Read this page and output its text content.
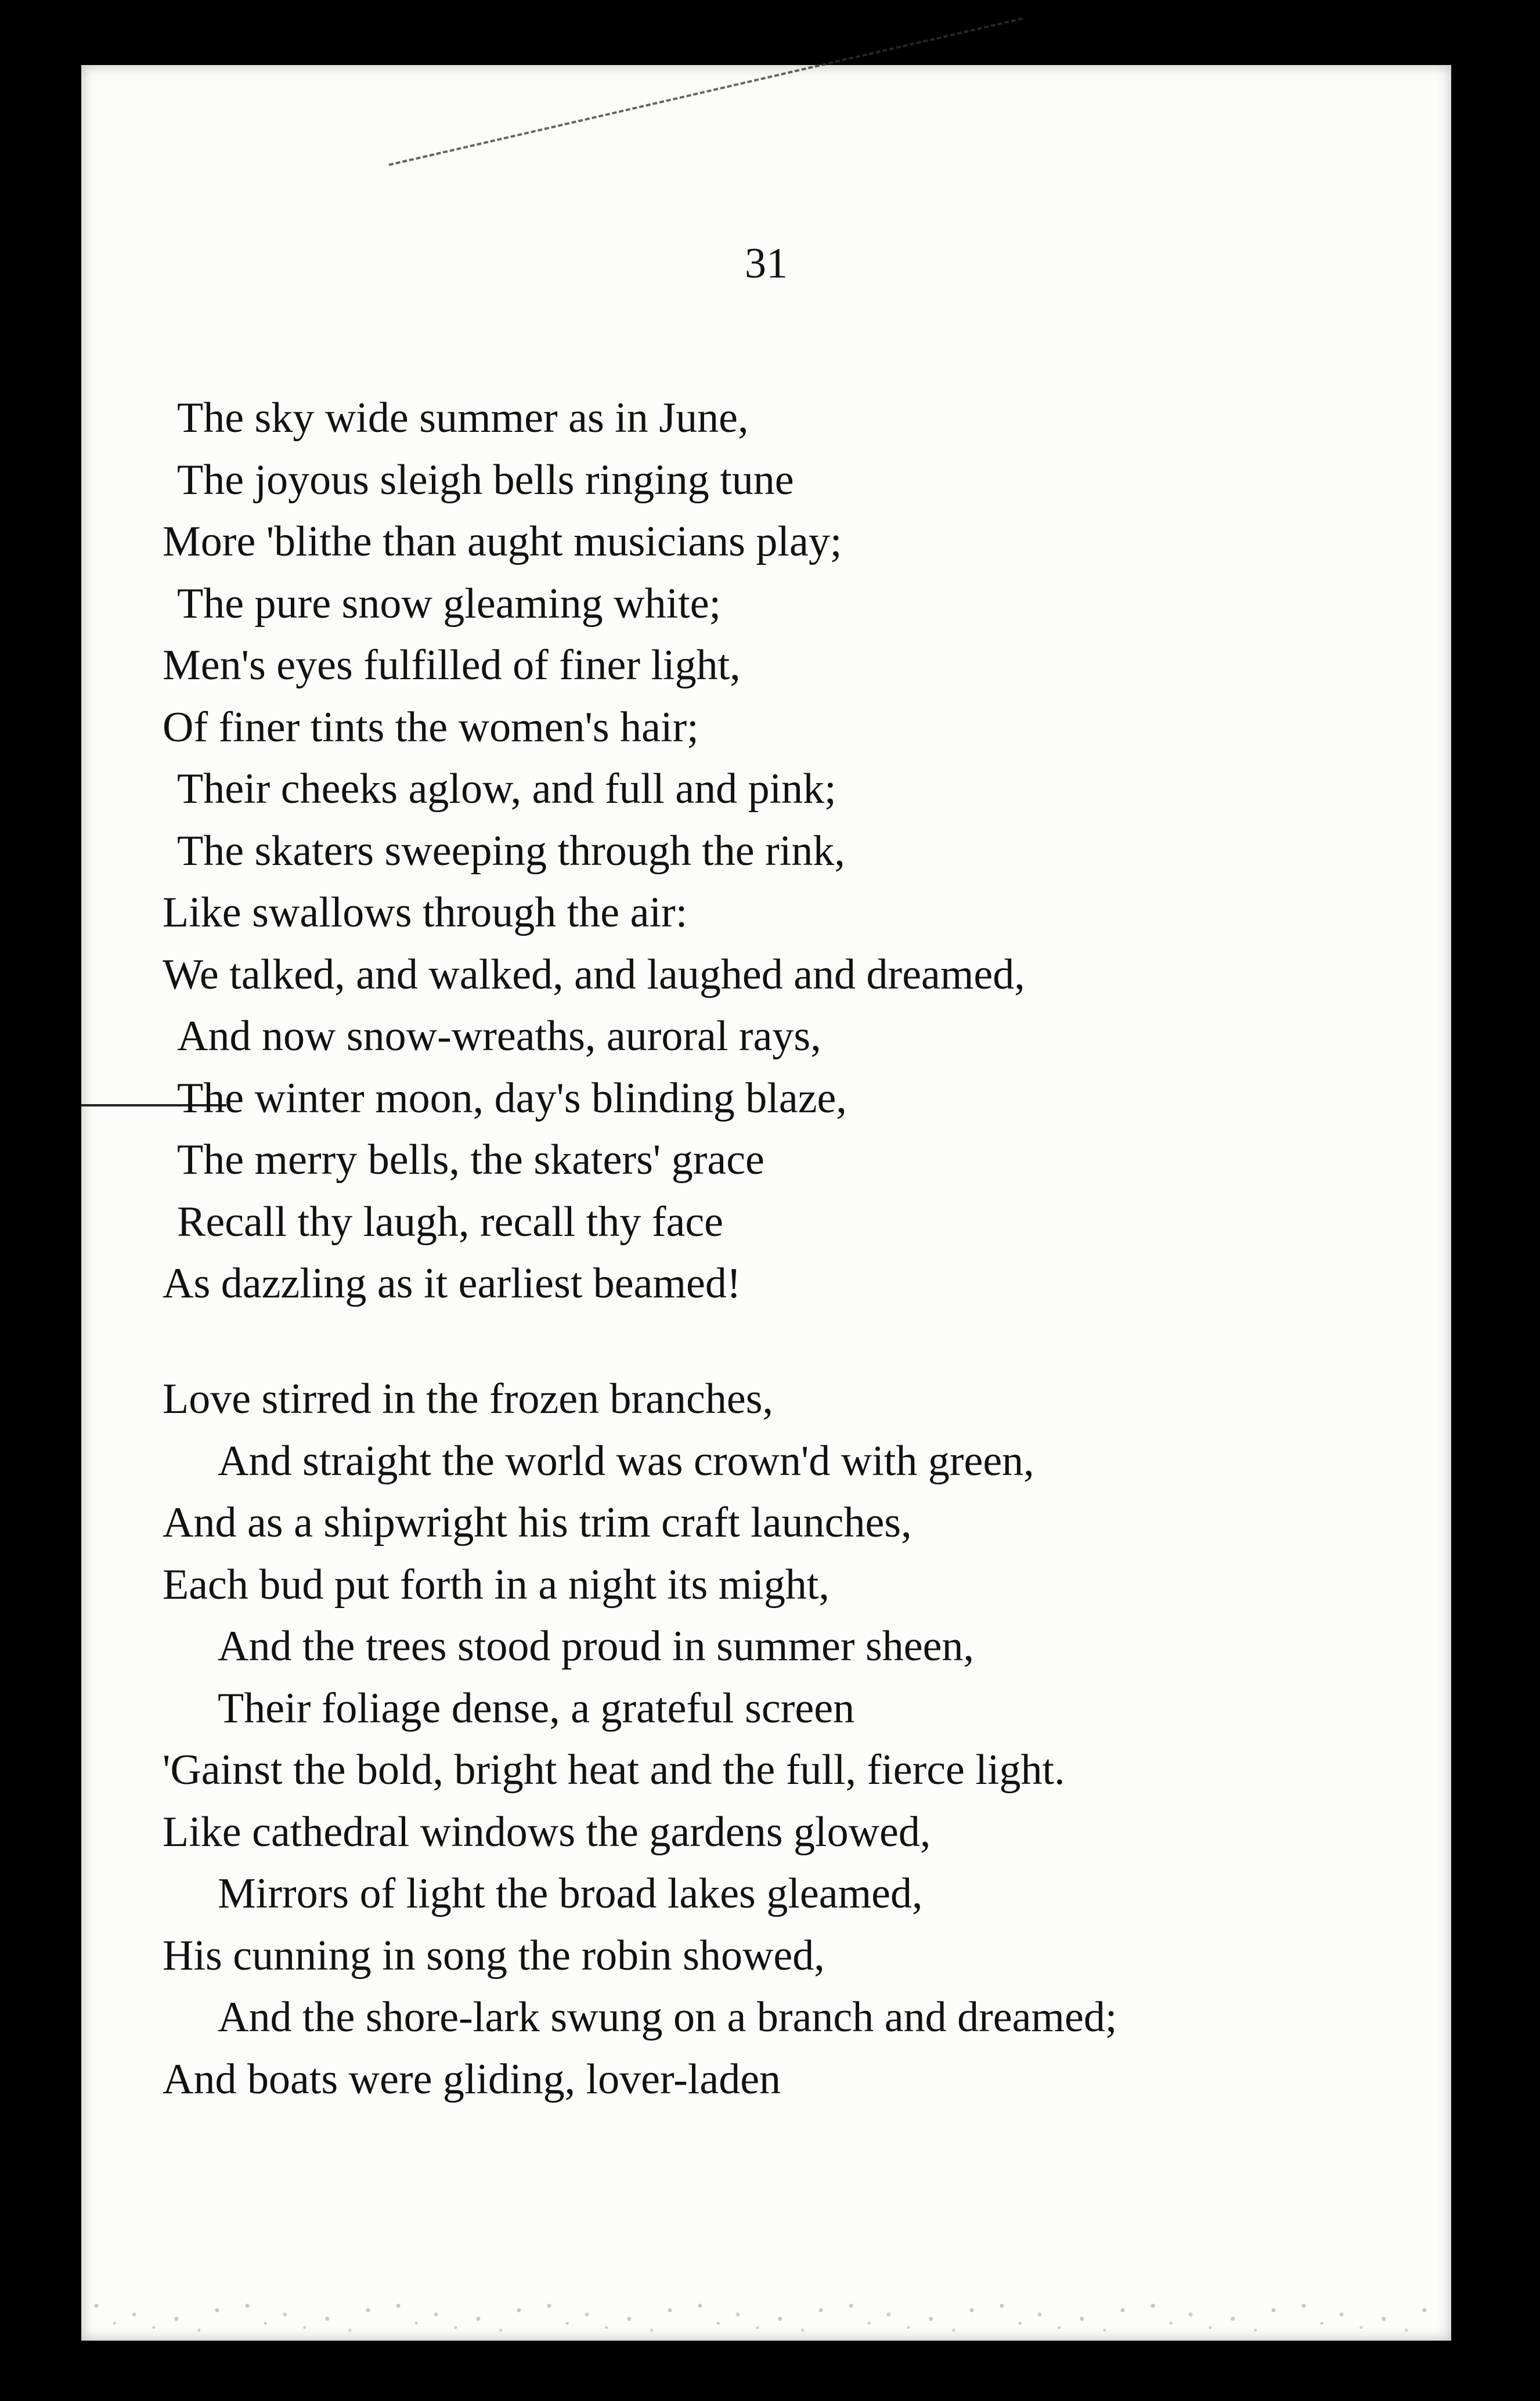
31
The sky wide summer as in June,
The joyous sleigh bells ringing tune
More 'blithe than aught musicians play;
The pure snow gleaming white;
Men's eyes fulfilled of finer light,
Of finer tints the women's hair;
Their cheeks aglow, and full and pink;
The skaters sweeping through the rink,
Like swallows through the air:
We talked, and walked, and laughed and dreamed,
And now snow-wreaths, auroral rays,
The winter moon, day's blinding blaze,
The merry bells, the skaters' grace
Recall thy laugh, recall thy face
As dazzling as it earliest beamed!
Love stirred in the frozen branches,
And straight the world was crown'd with green,
And as a shipwright his trim craft launches,
Each bud put forth in a night its might,
And the trees stood proud in summer sheen,
Their foliage dense, a grateful screen
'Gainst the bold, bright heat and the full, fierce light.
Like cathedral windows the gardens glowed,
Mirrors of light the broad lakes gleamed,
His cunning in song the robin showed,
And the shore-lark swung on a branch and dreamed;
And boats were gliding, lover-laden
